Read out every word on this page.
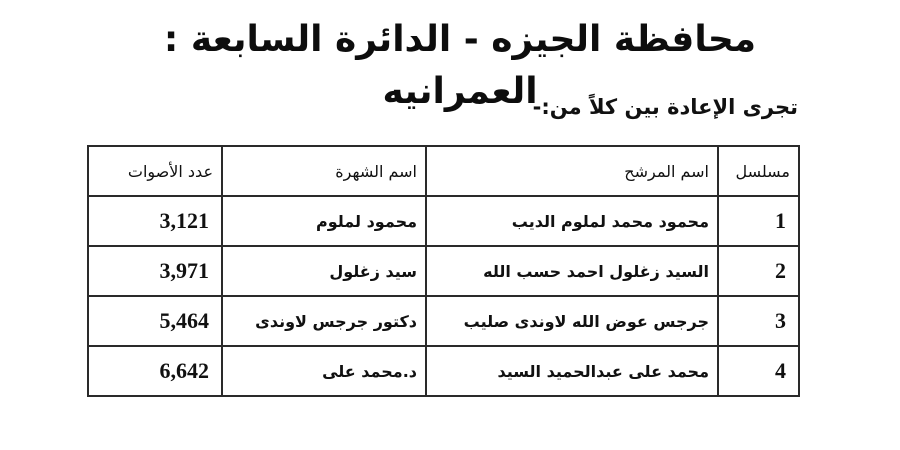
محافظة الجيزه - الدائرة السابعة : العمرانيه
تجرى الإعادة بين كلاً من:-
مسلسل	اسم المرشح	اسم الشهرة	عدد الأصوات
1	محمود محمد لملوم الديب	محمود لملوم	3,121
2	السيد زغلول احمد حسب الله	سيد زغلول	3,971
3	جرجس عوض الله لاوندى صليب	دكتور جرجس لاوندى	5,464
4	محمد على عبدالحميد السيد	د.محمد على	6,642
